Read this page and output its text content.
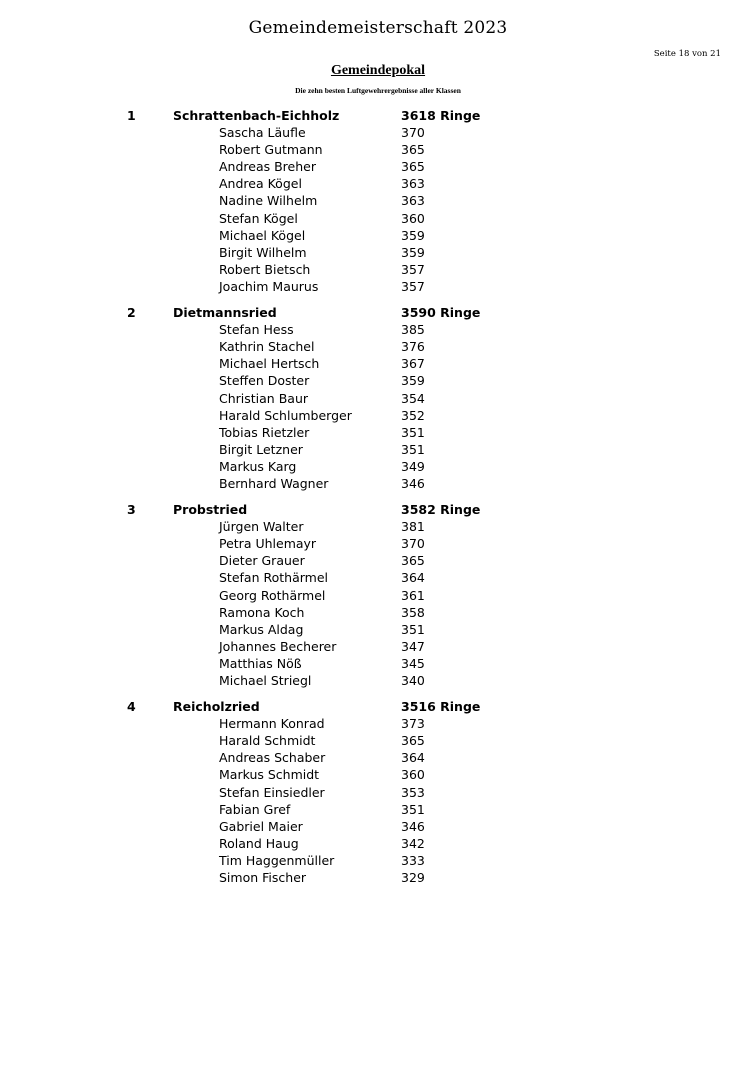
Gemeindemeisterschaft 2023
Seite 18 von 21
Gemeindepokal
Die zehn besten Luftgewehrergebnisse aller Klassen
1	Schrattenbach-Eichholz	3618 Ringe
Sascha Läufle	370
Robert Gutmann	365
Andreas Breher	365
Andrea Kögel	363
Nadine Wilhelm	363
Stefan Kögel	360
Michael Kögel	359
Birgit Wilhelm	359
Robert Bietsch	357
Joachim Maurus	357
2	Dietmannsried	3590 Ringe
Stefan Hess	385
Kathrin Stachel	376
Michael Hertsch	367
Steffen Doster	359
Christian Baur	354
Harald Schlumberger	352
Tobias Rietzler	351
Birgit Letzner	351
Markus Karg	349
Bernhard Wagner	346
3	Probstried	3582 Ringe
Jürgen Walter	381
Petra Uhlemayr	370
Dieter Grauer	365
Stefan Rothärmel	364
Georg Rothärmel	361
Ramona Koch	358
Markus Aldag	351
Johannes Becherer	347
Matthias Nöß	345
Michael Striegl	340
4	Reicholzried	3516 Ringe
Hermann Konrad	373
Harald Schmidt	365
Andreas Schaber	364
Markus Schmidt	360
Stefan Einsiedler	353
Fabian Gref	351
Gabriel Maier	346
Roland Haug	342
Tim Haggenmüller	333
Simon Fischer	329
